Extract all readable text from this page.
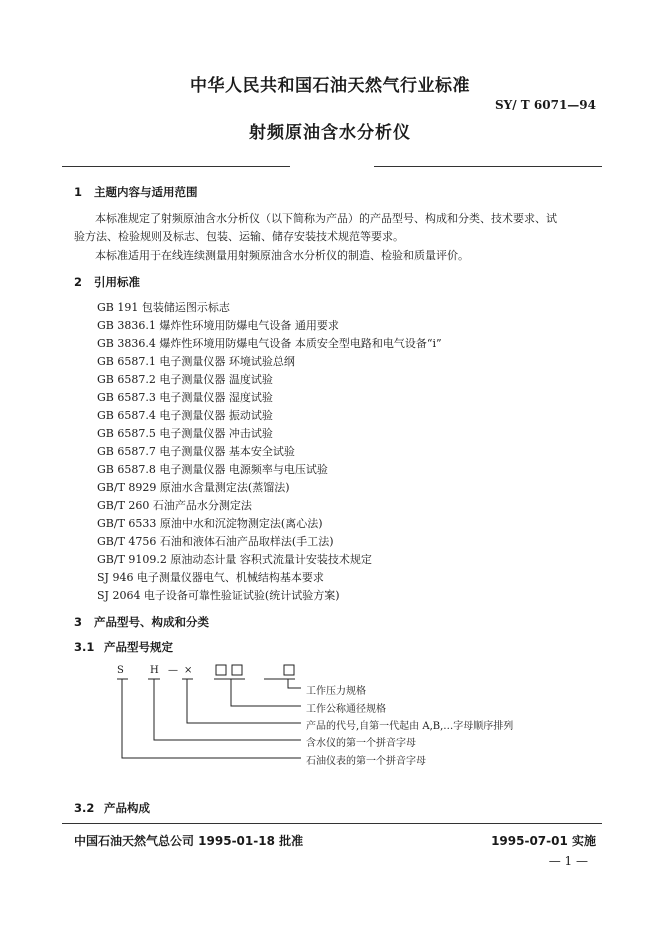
中华人民共和国石油天然气行业标准
SY/ T 6071—94
射频原油含水分析仪
1 主题内容与适用范围
本标准规定了射频原油含水分析仪（以下简称为产品）的产品型号、构成和分类、技术要求、试
验方法、检验规则及标志、包装、运输、储存安装技术规范等要求。
本标准适用于在线连续测量用射频原油含水分析仪的制造、检验和质量评价。
2 引用标准
GB 191 包装储运图示标志
GB 3836.1 爆炸性环境用防爆电气设备 通用要求
GB 3836.4 爆炸性环境用防爆电气设备 本质安全型电路和电气设备“i”
GB 6587.1 电子测量仪器 环境试验总纲
GB 6587.2 电子测量仪器 温度试验
GB 6587.3 电子测量仪器 湿度试验
GB 6587.4 电子测量仪器 振动试验
GB 6587.5 电子测量仪器 冲击试验
GB 6587.7 电子测量仪器 基本安全试验
GB 6587.8 电子测量仪器 电源频率与电压试验
GB/T 8929 原油水含量测定法(蒸馏法)
GB/T 260 石油产品水分测定法
GB/T 6533 原油中水和沉淀物测定法(离心法)
GB/T 4756 石油和液体石油产品取样法(手工法)
GB/T 9109.2 原油动态计量 容积式流量计安装技术规定
SJ 946 电子测量仪器电气、机械结构基本要求
SJ 2064 电子设备可靠性验证试验(统计试验方案)
3 产品型号、构成和分类
3.1 产品型号规定
S	H — ×
工作压力规格
工作公称通径规格
产品的代号,自第一代起由 A,B,…字母顺序排列
含水仪的第一个拼音字母
石油仪表的第一个拼音字母
3.2 产品构成
中国石油天然气总公司 1995-01-18 批准	1995-07-01 实施
— 1 —
